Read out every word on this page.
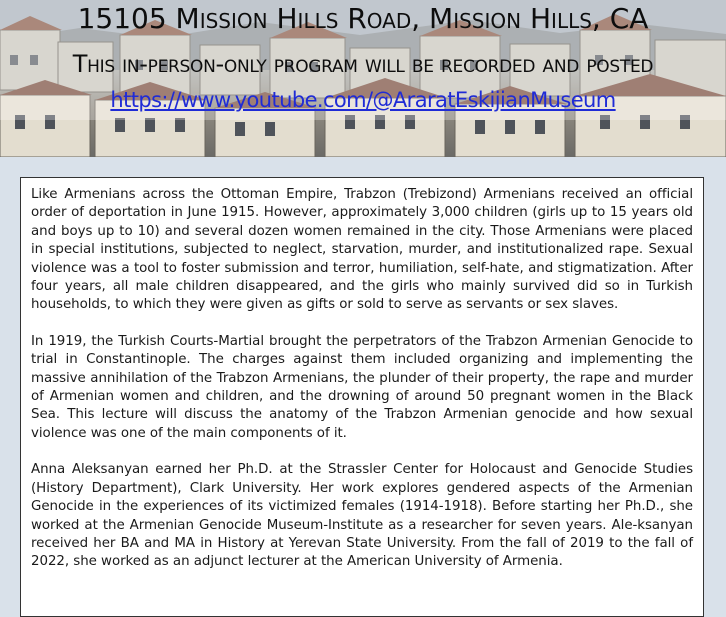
15105 Mission Hills Road, Mission Hills, CA
This in-person-only program will be recorded and posted
https://www.youtube.com/@AraratEskijianMuseum

Like Armenians across the Ottoman Empire, Trabzon (Trebizond) Armenians received an official order of deportation in June 1915. However, approximately 3,000 children (girls up to 15 years old and boys up to 10) and several dozen women remained in the city. Those Armenians were placed in special institutions, subjected to neglect, starvation, murder, and institutionalized rape. Sexual violence was a tool to foster submission and terror, humiliation, self-hate, and stigmatization. After four years, all male children disappeared, and the girls who mainly survived did so in Turkish households, to which they were given as gifts or sold to serve as servants or sex slaves.

In 1919, the Turkish Courts-Martial brought the perpetrators of the Trabzon Armenian Genocide to trial in Constantinople. The charges against them included organizing and implementing the massive annihilation of the Trabzon Armenians, the plunder of their property, the rape and murder of Armenian women and children, and the drowning of around 50 pregnant women in the Black Sea. This lecture will discuss the anatomy of the Trabzon Armenian genocide and how sexual violence was one of the main components of it.

Anna Aleksanyan earned her Ph.D. at the Strassler Center for Holocaust and Genocide Studies (History Department), Clark University. Her work explores gendered aspects of the Armenian Genocide in the experiences of its victimized females (1914-1918). Before starting her Ph.D., she worked at the Armenian Genocide Museum-Institute as a researcher for seven years. Ale-ksanyan received her BA and MA in History at Yerevan State University. From the fall of 2019 to the fall of 2022, she worked as an adjunct lecturer at the American University of Armenia.
